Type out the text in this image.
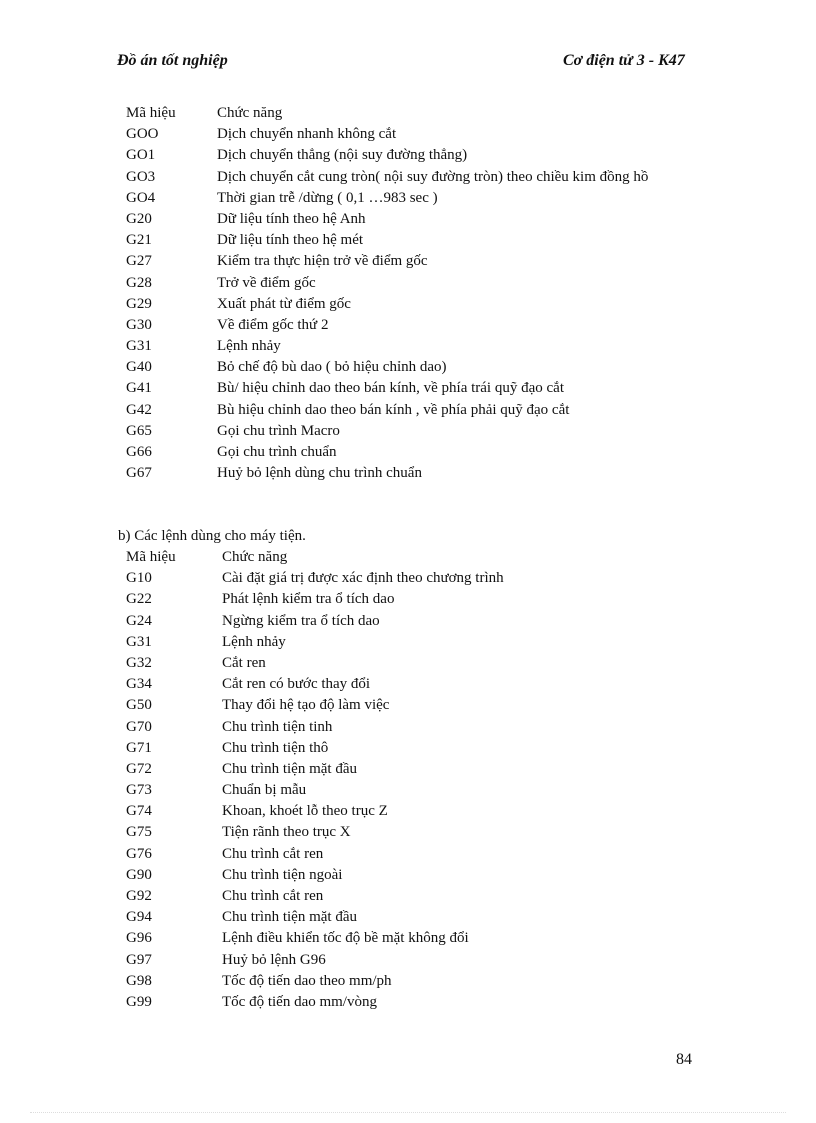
Đồ án tốt nghiệp	Cơ điện tử 3 - K47
Mã hiệu	Chức năng
GOO	Dịch chuyển nhanh không cắt
GO1	Dịch chuyển thẳng (nội suy đường thẳng)
GO3	Dịch chuyển cắt cung tròn( nội suy đường tròn) theo chiều kim đồng hồ
GO4	Thời gian trễ /dừng ( 0,1 …983 sec )
G20	Dữ liệu tính theo hệ Anh
G21	Dữ liệu tính theo hệ mét
G27	Kiểm tra thực hiện trở về điểm gốc
G28	Trở về điểm gốc
G29	Xuất phát từ điểm gốc
G30	Về điểm gốc thứ 2
G31	Lệnh nhảy
G40	Bỏ chế độ bù dao ( bỏ hiệu chỉnh dao)
G41	Bù/ hiệu chỉnh dao theo bán kính, về phía trái quỹ đạo cắt
G42	Bù hiệu chỉnh dao theo bán kính , về phía phải quỹ đạo cắt
G65	Gọi chu trình Macro
G66	Gọi chu trình chuẩn
G67	Huỷ bỏ lệnh dùng chu trình chuẩn
b) Các lệnh dùng cho máy tiện.
Mã hiệu	Chức năng
G10	Cài đặt giá trị được xác định theo chương trình
G22	Phát lệnh kiểm tra ổ tích dao
G24	Ngừng kiểm tra ổ tích dao
G31	Lệnh nhảy
G32	Cắt ren
G34	Cắt ren có bước thay đổi
G50	Thay đổi hệ tạo độ làm việc
G70	Chu trình tiện tinh
G71	Chu trình tiện thô
G72	Chu trình tiện mặt đầu
G73	Chuẩn bị mẫu
G74	Khoan, khoét lỗ theo trục Z
G75	Tiện rãnh theo trục X
G76	Chu trình cắt ren
G90	Chu trình tiện ngoài
G92	Chu trình cắt ren
G94	Chu trình tiện mặt đầu
G96	Lệnh điều khiển tốc độ bề mặt không đổi
G97	Huỷ bỏ lệnh G96
G98	Tốc độ tiến dao theo mm/ph
G99	Tốc độ tiến dao mm/vòng
84
